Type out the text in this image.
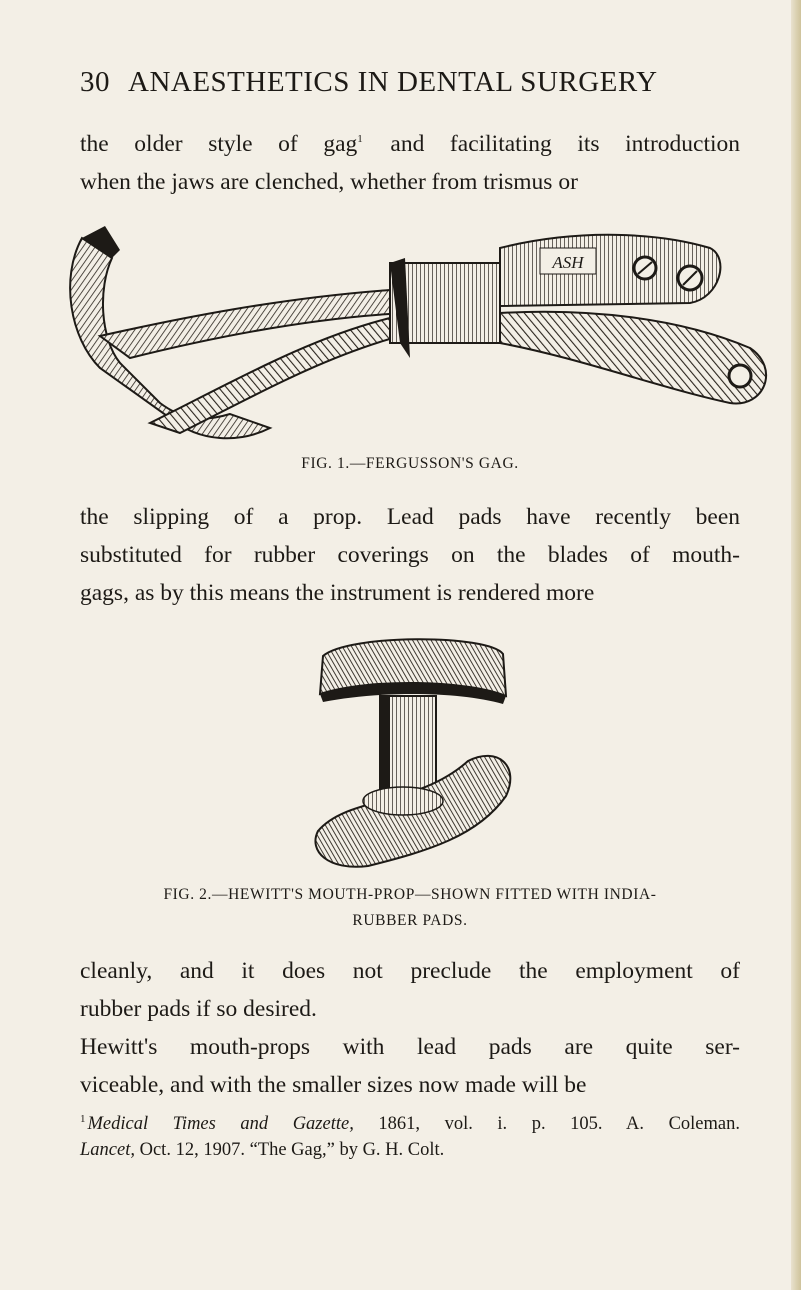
30 ANAESTHETICS IN DENTAL SURGERY

the older style of gag$^1$ and facilitating its introduction
when the jaws are clenched, whether from trismus or

ASH
FIG. 1.—FERGUSSON'S GAG.

the slipping of a prop. Lead pads have recently been
substituted for rubber coverings on the blades of mouth-
gags, as by this means the instrument is rendered more

FIG. 2.—HEWITT'S MOUTH-PROP—SHOWN FITTED WITH INDIA-
RUBBER PADS.

cleanly, and it does not preclude the employment of
rubber pads if so desired.

Hewitt's mouth-props with lead pads are quite ser-
viceable, and with the smaller sizes now made will be

$^1$ Medical Times and Gazette, 1861, vol. i. p. 105. A. Coleman.
Lancet, Oct. 12, 1907. “The Gag,” by G. H. Colt.
